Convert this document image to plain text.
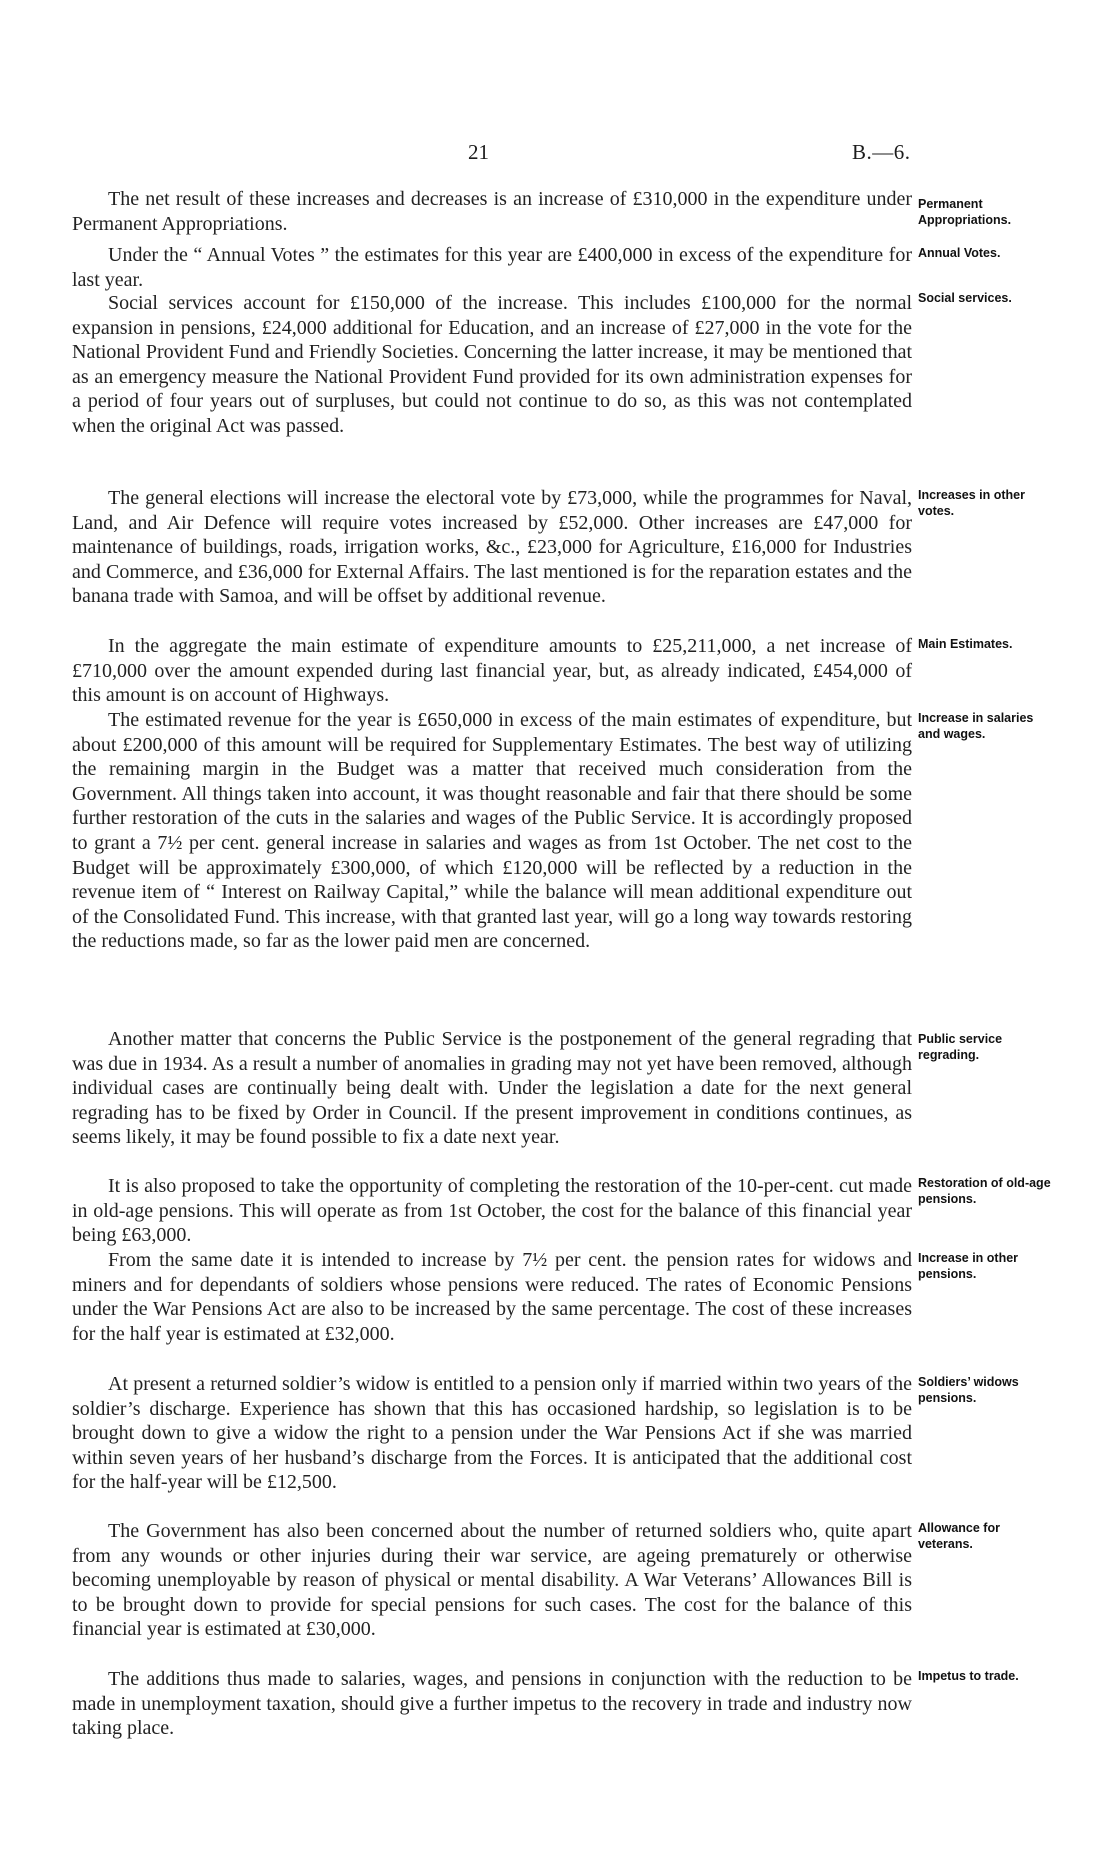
21	B.—6.

The net result of these increases and decreases is an increase of £310,000 in the expenditure under Permanent Appropriations.

Under the “ Annual Votes ” the estimates for this year are £400,000 in excess of the expenditure for last year.

Social services account for £150,000 of the increase. This includes £100,000 for the normal expansion in pensions, £24,000 additional for Education, and an increase of £27,000 in the vote for the National Provident Fund and Friendly Societies. Concerning the latter increase, it may be mentioned that as an emergency measure the National Provident Fund provided for its own administration expenses for a period of four years out of surpluses, but could not continue to do so, as this was not contemplated when the original Act was passed.

The general elections will increase the electoral vote by £73,000, while the programmes for Naval, Land, and Air Defence will require votes increased by £52,000. Other increases are £47,000 for maintenance of buildings, roads, irrigation works, &c., £23,000 for Agriculture, £16,000 for Industries and Commerce, and £36,000 for External Affairs. The last mentioned is for the reparation estates and the banana trade with Samoa, and will be offset by additional revenue.

In the aggregate the main estimate of expenditure amounts to £25,211,000, a net increase of £710,000 over the amount expended during last financial year, but, as already indicated, £454,000 of this amount is on account of Highways.

The estimated revenue for the year is £650,000 in excess of the main estimates of expenditure, but about £200,000 of this amount will be required for Supplementary Estimates. The best way of utilizing the remaining margin in the Budget was a matter that received much consideration from the Government. All things taken into account, it was thought reasonable and fair that there should be some further restoration of the cuts in the salaries and wages of the Public Service. It is accordingly proposed to grant a 7½ per cent. general increase in salaries and wages as from 1st October. The net cost to the Budget will be approximately £300,000, of which £120,000 will be reflected by a reduction in the revenue item of “ Interest on Railway Capital,” while the balance will mean additional expenditure out of the Consolidated Fund. This increase, with that granted last year, will go a long way towards restoring the reductions made, so far as the lower paid men are concerned.

Another matter that concerns the Public Service is the postponement of the general regrading that was due in 1934. As a result a number of anomalies in grading may not yet have been removed, although individual cases are continually being dealt with. Under the legislation a date for the next general regrading has to be fixed by Order in Council. If the present improvement in conditions continues, as seems likely, it may be found possible to fix a date next year.

It is also proposed to take the opportunity of completing the restoration of the 10-per-cent. cut made in old-age pensions. This will operate as from 1st October, the cost for the balance of this financial year being £63,000.

From the same date it is intended to increase by 7½ per cent. the pension rates for widows and miners and for dependants of soldiers whose pensions were reduced. The rates of Economic Pensions under the War Pensions Act are also to be increased by the same percentage. The cost of these increases for the half year is estimated at £32,000.

At present a returned soldier’s widow is entitled to a pension only if married within two years of the soldier’s discharge. Experience has shown that this has occasioned hardship, so legislation is to be brought down to give a widow the right to a pension under the War Pensions Act if she was married within seven years of her husband’s discharge from the Forces. It is anticipated that the additional cost for the half-year will be £12,500.

The Government has also been concerned about the number of returned soldiers who, quite apart from any wounds or other injuries during their war service, are ageing prematurely or otherwise becoming unemployable by reason of physical or mental disability. A War Veterans’ Allowances Bill is to be brought down to provide for special pensions for such cases. The cost for the balance of this financial year is estimated at £30,000.

The additions thus made to salaries, wages, and pensions in conjunction with the reduction to be made in unemployment taxation, should give a further impetus to the recovery in trade and industry now taking place.

Permanent Appropriations.
Annual Votes.
Social services.
Increases in other votes.
Main Estimates.
Increase in salaries and wages.
Public service regrading.
Restoration of old-age pensions.
Increase in other pensions.
Soldiers’ widows pensions.
Allowance for veterans.
Impetus to trade.
